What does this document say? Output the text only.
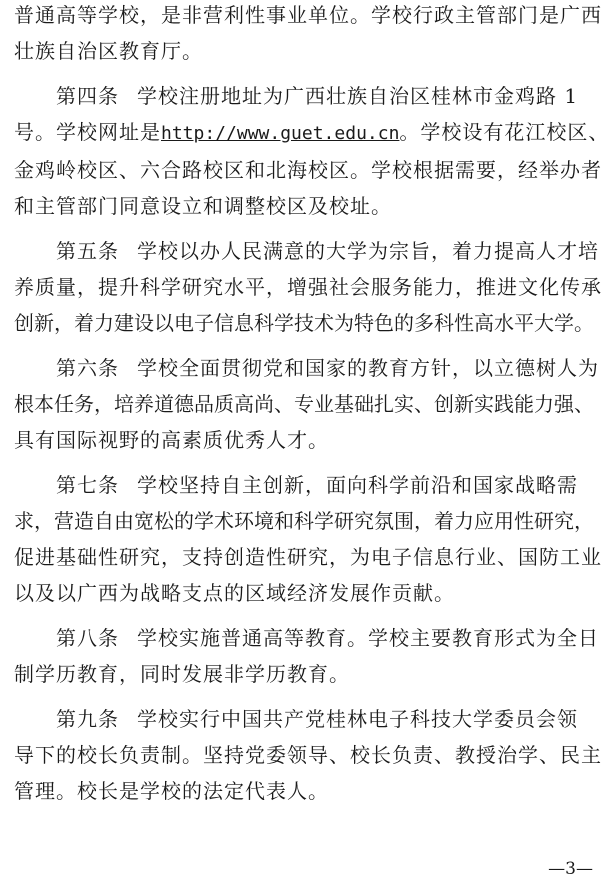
普通高等学校，是非营利性事业单位。学校行政主管部门是广西
壮族自治区教育厅。
第四条 学校注册地址为广西壮族自治区桂林市金鸡路 1
号。学校网址是http://www.guet.edu.cn。学校设有花江校区、
金鸡岭校区、六合路校区和北海校区。学校根据需要，经举办者
和主管部门同意设立和调整校区及校址。
第五条 学校以办人民满意的大学为宗旨，着力提高人才培
养质量，提升科学研究水平，增强社会服务能力，推进文化传承
创新，着力建设以电子信息科学技术为特色的多科性高水平大学。
第六条 学校全面贯彻党和国家的教育方针，以立德树人为
根本任务，培养道德品质高尚、专业基础扎实、创新实践能力强、
具有国际视野的高素质优秀人才。
第七条 学校坚持自主创新，面向科学前沿和国家战略需
求，营造自由宽松的学术环境和科学研究氛围，着力应用性研究，
促进基础性研究，支持创造性研究，为电子信息行业、国防工业
以及以广西为战略支点的区域经济发展作贡献。
第八条 学校实施普通高等教育。学校主要教育形式为全日
制学历教育，同时发展非学历教育。
第九条 学校实行中国共产党桂林电子科技大学委员会领
导下的校长负责制。坚持党委领导、校长负责、教授治学、民主
管理。校长是学校的法定代表人。
—3—
